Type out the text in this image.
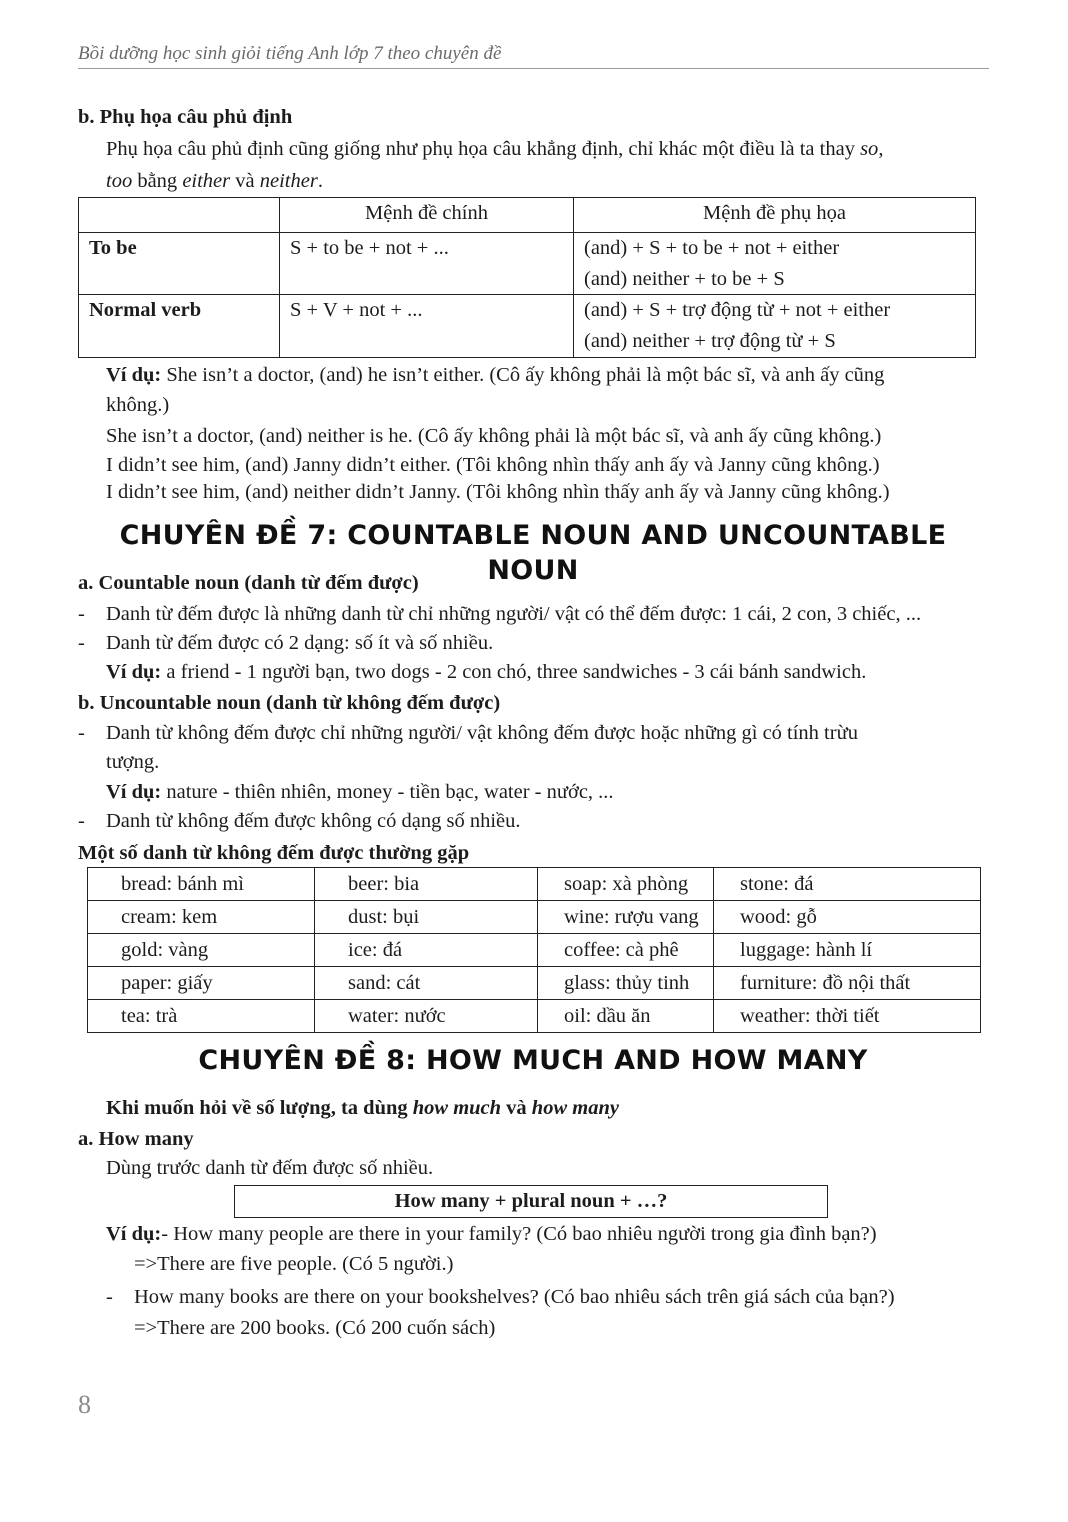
Bồi dưỡng học sinh giỏi tiếng Anh lớp 7 theo chuyên đề
b. Phụ họa câu phủ định
Phụ họa câu phủ định cũng giống như phụ họa câu khẳng định, chỉ khác một điều là ta thay so,
too bằng either và neither.
	Mệnh đề chính	Mệnh đề phụ họa
To be	S + to be + not + ...	(and) + S + to be + not + either
(and) neither + to be + S

Normal verb	S + V + not + ...	(and) + S + trợ động từ + not + either
(and) neither + trợ động từ + S
Ví dụ: She isn’t a doctor, (and) he isn’t either. (Cô ấy không phải là một bác sĩ, và anh ấy cũng
không.)
She isn’t a doctor, (and) neither is he. (Cô ấy không phải là một bác sĩ, và anh ấy cũng không.)
I didn’t see him, (and) Janny didn’t either. (Tôi không nhìn thấy anh ấy và Janny cũng không.)
I didn’t see him, (and) neither didn’t Janny. (Tôi không nhìn thấy anh ấy và Janny cũng không.)
CHUYÊN ĐỀ 7: COUNTABLE NOUN AND UNCOUNTABLE NOUN
a. Countable noun (danh từ đếm được)
- Danh từ đếm được là những danh từ chỉ những người/ vật có thể đếm được: 1 cái, 2 con, 3 chiếc, ...
- Danh từ đếm được có 2 dạng: số ít và số nhiều.
Ví dụ: a friend - 1 người bạn, two dogs - 2 con chó, three sandwiches - 3 cái bánh sandwich.
b. Uncountable noun (danh từ không đếm được)
- Danh từ không đếm được chỉ những người/ vật không đếm được hoặc những gì có tính trừu
tượng.
Ví dụ: nature - thiên nhiên, money - tiền bạc, water - nước, ...
- Danh từ không đếm được không có dạng số nhiều.
Một số danh từ không đếm được thường gặp
bread: bánh mì	beer: bia	soap: xà phòng	stone: đá
cream: kem	dust: bụi	wine: rượu vang	wood: gỗ
gold: vàng	ice: đá	coffee: cà phê	luggage: hành lí
paper: giấy	sand: cát	glass: thủy tinh	furniture: đồ nội thất
tea: trà	water: nước	oil: dầu ăn	weather: thời tiết
CHUYÊN ĐỀ 8: HOW MUCH AND HOW MANY
Khi muốn hỏi về số lượng, ta dùng how much và how many
a. How many
Dùng trước danh từ đếm được số nhiều.
How many + plural noun + …?
Ví dụ:- How many people are there in your family? (Có bao nhiêu người trong gia đình bạn?)
=>There are five people. (Có 5 người.)
- How many books are there on your bookshelves? (Có bao nhiêu sách trên giá sách của bạn?)
=>There are 200 books. (Có 200 cuốn sách)
8
